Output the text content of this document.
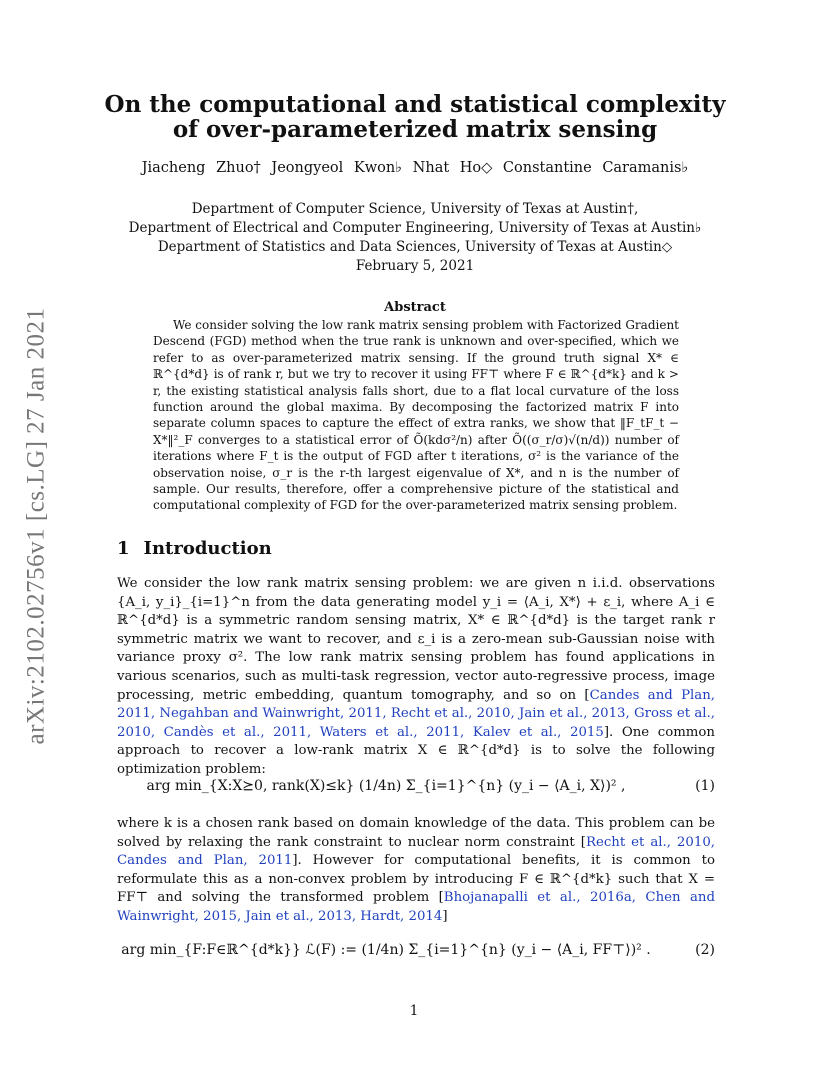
arXiv:2102.02756v1 [cs.LG] 27 Jan 2021
On the computational and statistical complexity of over-parameterized matrix sensing
Jiacheng Zhuo† Jeongyeol Kwon♭ Nhat Ho◇ Constantine Caramanis♭
Department of Computer Science, University of Texas at Austin†,
Department of Electrical and Computer Engineering, University of Texas at Austin♭
Department of Statistics and Data Sciences, University of Texas at Austin◇
February 5, 2021
Abstract

We consider solving the low rank matrix sensing problem with Factorized Gradient Descend (FGD) method when the true rank is unknown and over-specified, which we refer to as over-parameterized matrix sensing. If the ground truth signal X* ∈ ℝ^{d*d} is of rank r, but we try to recover it using FF⊤ where F ∈ ℝ^{d*k} and k > r, the existing statistical analysis falls short, due to a flat local curvature of the loss function around the global maxima. By decomposing the factorized matrix F into separate column spaces to capture the effect of extra ranks, we show that ‖F_tF_t − X*‖²_F converges to a statistical error of Õ(kdσ²/n) after Õ((σ_r/σ)√(n/d)) number of iterations where F_t is the output of FGD after t iterations, σ² is the variance of the observation noise, σ_r is the r-th largest eigenvalue of X*, and n is the number of sample. Our results, therefore, offer a comprehensive picture of the statistical and computational complexity of FGD for the over-parameterized matrix sensing problem.

1 Introduction
We consider the low rank matrix sensing problem: we are given n i.i.d. observations {A_i, y_i}_{i=1}^n from the data generating model y_i = ⟨A_i, X*⟩ + ε_i, where A_i ∈ ℝ^{d*d} is a symmetric random sensing matrix, X* ∈ ℝ^{d*d} is the target rank r symmetric matrix we want to recover, and ε_i is a zero-mean sub-Gaussian noise with variance proxy σ². The low rank matrix sensing problem has found applications in various scenarios, such as multi-task regression, vector auto-regressive process, image processing, metric embedding, quantum tomography, and so on [Candes and Plan, 2011, Negahban and Wainwright, 2011, Recht et al., 2010, Jain et al., 2013, Gross et al., 2010, Candès et al., 2011, Waters et al., 2011, Kalev et al., 2015]. One common approach to recover a low-rank matrix X ∈ ℝ^{d*d} is to solve the following optimization problem:
arg min_{X:X⪰0, rank(X)≤k} (1/4n) Σ_{i=1}^{n} (y_i − ⟨A_i, X⟩)² ,	(1)
where k is a chosen rank based on domain knowledge of the data. This problem can be solved by relaxing the rank constraint to nuclear norm constraint [Recht et al., 2010, Candes and Plan, 2011]. However for computational benefits, it is common to reformulate this as a non-convex problem by introducing F ∈ ℝ^{d*k} such that X = FF⊤ and solving the transformed problem [Bhojanapalli et al., 2016a, Chen and Wainwright, 2015, Jain et al., 2013, Hardt, 2014]
arg min_{F:F∈ℝ^{d*k}} ℒ(F) := (1/4n) Σ_{i=1}^{n} (y_i − ⟨A_i, FF⊤⟩)² .	(2)
1
